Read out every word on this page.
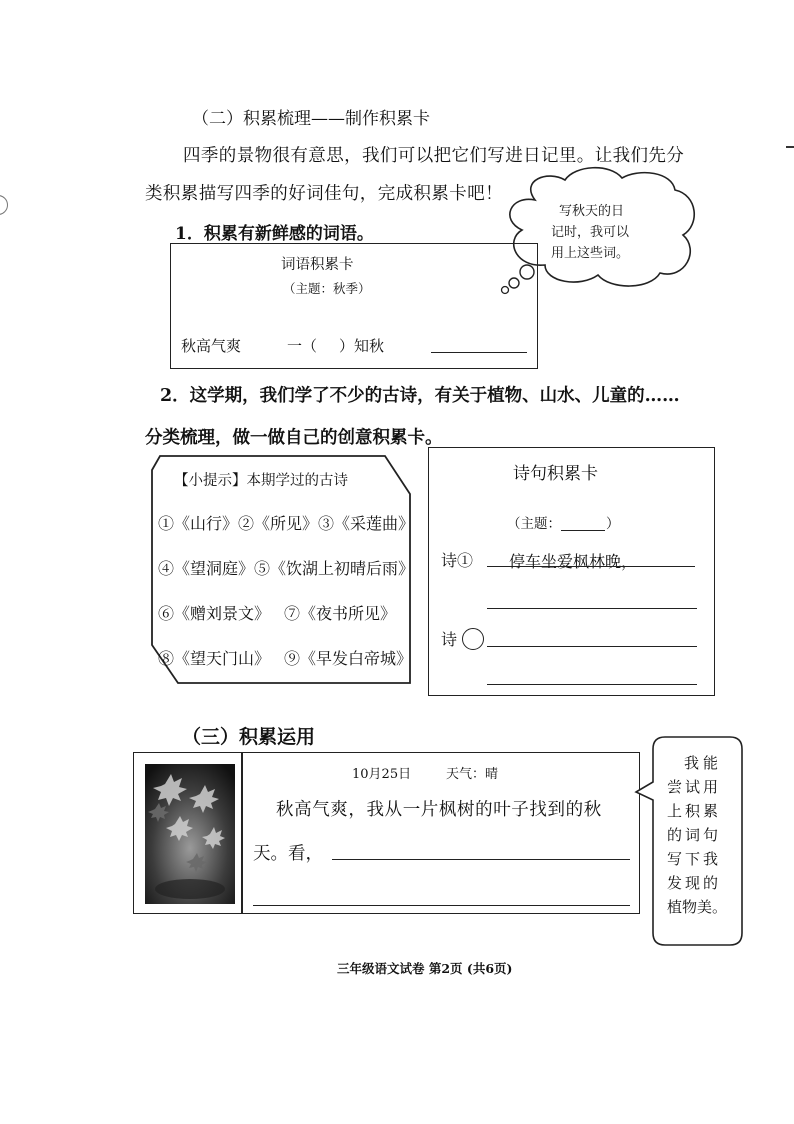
（二）积累梳理——制作积累卡
四季的景物很有意思，我们可以把它们写进日记里。让我们先分
类积累描写四季的好词佳句，完成积累卡吧！
1．积累有新鲜感的词语。
写秋天的日
记时，我可以
用上这些词。
词语积累卡
（主题：秋季）
秋高气爽	一（ ）知秋
2．这学期，我们学了不少的古诗，有关于植物、山水、儿童的……
分类梳理，做一做自己的创意积累卡。
【小提示】本期学过的古诗
①《山行》②《所见》③《采莲曲》
④《望洞庭》⑤《饮湖上初晴后雨》
⑥《赠刘景文》 ⑦《夜书所见》
⑧《望天门山》 ⑨《早发白帝城》
诗句积累卡
（主题：	）
诗① 停车坐爱枫林晚，
诗
（三）积累运用
10月25日	天气：晴
秋高气爽，我从一片枫树的叶子找到的秋
天。看，
我能
尝试用
上积累
的词句
写下我
发现的
植物美。
三年级语文试卷 第2页 (共6页)
